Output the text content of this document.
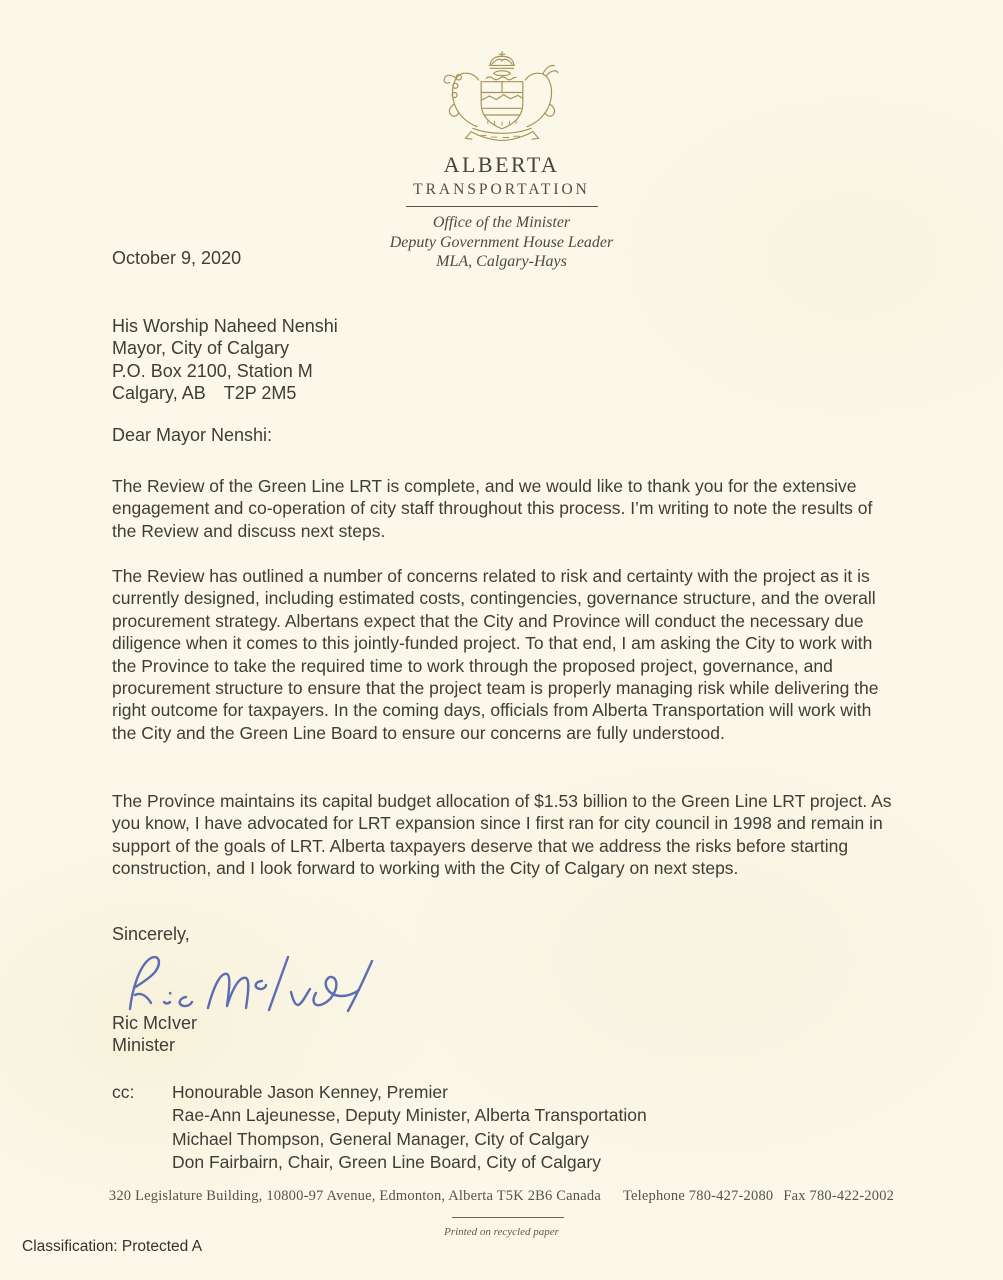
ALBERTA
TRANSPORTATION
Office of the Minister
Deputy Government House Leader
MLA, Calgary-Hays
October 9, 2020
His Worship Naheed Nenshi
Mayor, City of Calgary
P.O. Box 2100, Station M
Calgary, AB T2P 2M5
Dear Mayor Nenshi:
The Review of the Green Line LRT is complete, and we would like to thank you for the extensive engagement and co-operation of city staff throughout this process. I’m writing to note the results of the Review and discuss next steps.
The Review has outlined a number of concerns related to risk and certainty with the project as it is currently designed, including estimated costs, contingencies, governance structure, and the overall procurement strategy. Albertans expect that the City and Province will conduct the necessary due diligence when it comes to this jointly-funded project. To that end, I am asking the City to work with the Province to take the required time to work through the proposed project, governance, and procurement structure to ensure that the project team is properly managing risk while delivering the right outcome for taxpayers. In the coming days, officials from Alberta Transportation will work with the City and the Green Line Board to ensure our concerns are fully understood.
The Province maintains its capital budget allocation of $1.53 billion to the Green Line LRT project. As you know, I have advocated for LRT expansion since I first ran for city council in 1998 and remain in support of the goals of LRT. Alberta taxpayers deserve that we address the risks before starting construction, and I look forward to working with the City of Calgary on next steps.
Sincerely,
Ric McIver
Minister
cc: Honourable Jason Kenney, Premier
Rae-Ann Lajeunesse, Deputy Minister, Alberta Transportation
Michael Thompson, General Manager, City of Calgary
Don Fairbairn, Chair, Green Line Board, City of Calgary
320 Legislature Building, 10800-97 Avenue, Edmonton, Alberta T5K 2B6 Canada Telephone 780-427-2080 Fax 780-422-2002
Printed on recycled paper
Classification: Protected A
